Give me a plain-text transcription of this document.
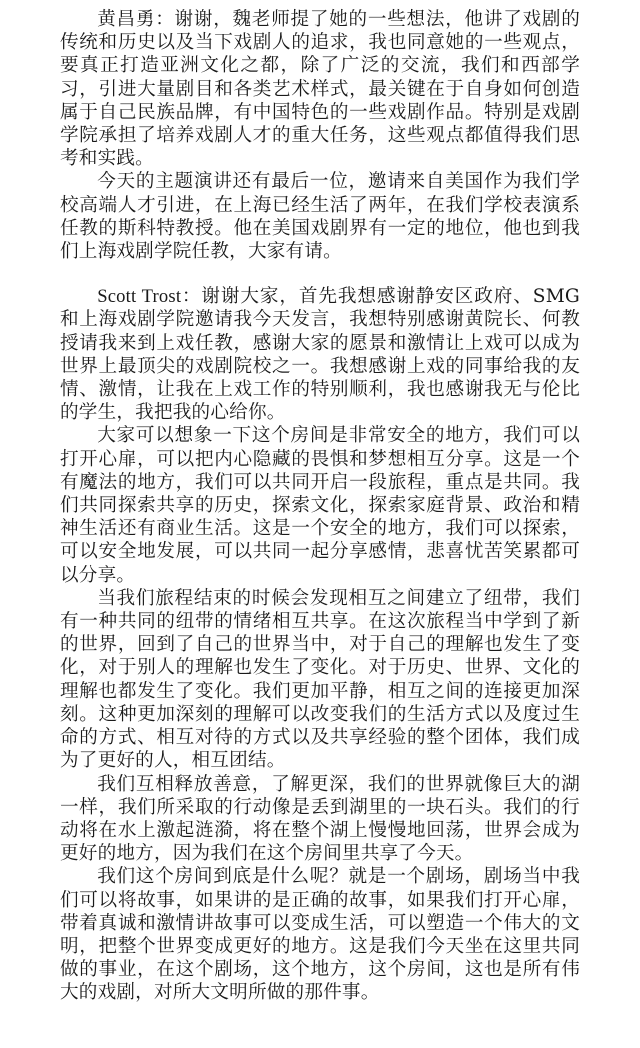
黄昌勇：谢谢，魏老师提了她的一些想法，他讲了戏剧的传统和历史以及当下戏剧人的追求，我也同意她的一些观点，要真正打造亚洲文化之都，除了广泛的交流，我们和西部学习，引进大量剧目和各类艺术样式，最关键在于自身如何创造属于自己民族品牌，有中国特色的一些戏剧作品。特别是戏剧学院承担了培养戏剧人才的重大任务，这些观点都值得我们思考和实践。

今天的主题演讲还有最后一位，邀请来自美国作为我们学校高端人才引进，在上海已经生活了两年，在我们学校表演系任教的斯科特教授。他在美国戏剧界有一定的地位，他也到我们上海戏剧学院任教，大家有请。

Scott Trost：谢谢大家，首先我想感谢静安区政府、SMG和上海戏剧学院邀请我今天发言，我想特别感谢黄院长、何教授请我来到上戏任教，感谢大家的愿景和激情让上戏可以成为世界上最顶尖的戏剧院校之一。我想感谢上戏的同事给我的友情、激情，让我在上戏工作的特别顺利，我也感谢我无与伦比的学生，我把我的心给你。

大家可以想象一下这个房间是非常安全的地方，我们可以打开心扉，可以把内心隐藏的畏惧和梦想相互分享。这是一个有魔法的地方，我们可以共同开启一段旅程，重点是共同。我们共同探索共享的历史，探索文化，探索家庭背景、政治和精神生活还有商业生活。这是一个安全的地方，我们可以探索，可以安全地发展，可以共同一起分享感情，悲喜忧苦笑累都可以分享。

当我们旅程结束的时候会发现相互之间建立了纽带，我们有一种共同的纽带的情绪相互共享。在这次旅程当中学到了新的世界，回到了自己的世界当中，对于自己的理解也发生了变化，对于别人的理解也发生了变化。对于历史、世界、文化的理解也都发生了变化。我们更加平静，相互之间的连接更加深刻。这种更加深刻的理解可以改变我们的生活方式以及度过生命的方式、相互对待的方式以及共享经验的整个团体，我们成为了更好的人，相互团结。

我们互相释放善意，了解更深，我们的世界就像巨大的湖一样，我们所采取的行动像是丢到湖里的一块石头。我们的行动将在水上激起涟漪，将在整个湖上慢慢地回荡，世界会成为更好的地方，因为我们在这个房间里共享了今天。

我们这个房间到底是什么呢？就是一个剧场，剧场当中我们可以将故事，如果讲的是正确的故事，如果我们打开心扉，带着真诚和激情讲故事可以变成生活，可以塑造一个伟大的文明，把整个世界变成更好的地方。这是我们今天坐在这里共同做的事业，在这个剧场，这个地方，这个房间，这也是所有伟大的戏剧，对所大文明所做的那件事。
